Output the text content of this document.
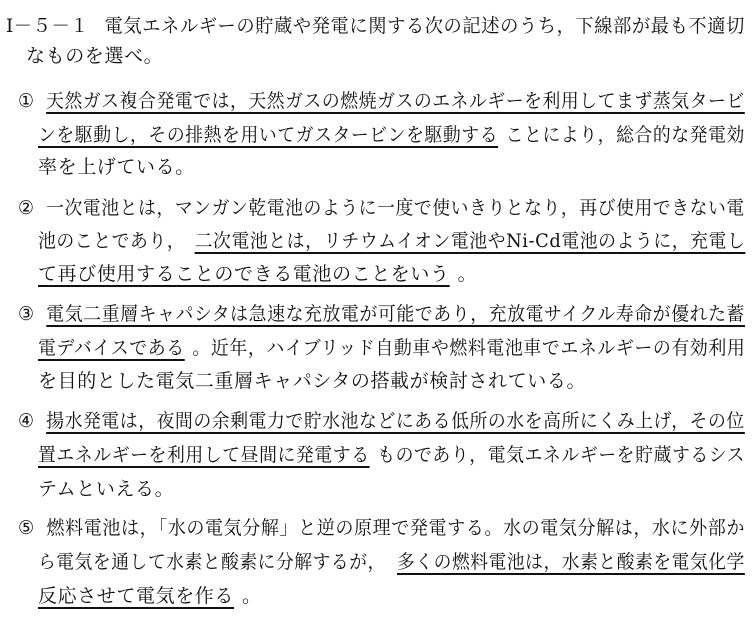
Ⅰ－５－１ 電気エネルギーの貯蔵や発電に関する次の記述のうち，下線部が最も不適切
なものを選べ。
① 天然ガス複合発電では，天然ガスの燃焼ガスのエネルギーを利用してまず蒸気タービ
ンを駆動し，その排熱を用いてガスタービンを駆動する ことにより，総合的な発電効
率を上げている。
② 一次電池とは，マンガン乾電池のように一度で使いきりとなり，再び使用できない電
池のことであり， 二次電池とは，リチウムイオン電池やNi-Cd電池のように，充電し
て再び使用することのできる電池のことをいう 。
③ 電気二重層キャパシタは急速な充放電が可能であり，充放電サイクル寿命が優れた蓄
電デバイスである 。近年，ハイブリッド自動車や燃料電池車でエネルギーの有効利用
を目的とした電気二重層キャパシタの搭載が検討されている。
④ 揚水発電は，夜間の余剰電力で貯水池などにある低所の水を高所にくみ上げ，その位
置エネルギーを利用して昼間に発電する ものであり，電気エネルギーを貯蔵するシス
テムといえる。
⑤ 燃料電池は，「水の電気分解」と逆の原理で発電する。水の電気分解は，水に外部か
ら電気を通して水素と酸素に分解するが， 多くの燃料電池は，水素と酸素を電気化学
反応させて電気を作る 。
